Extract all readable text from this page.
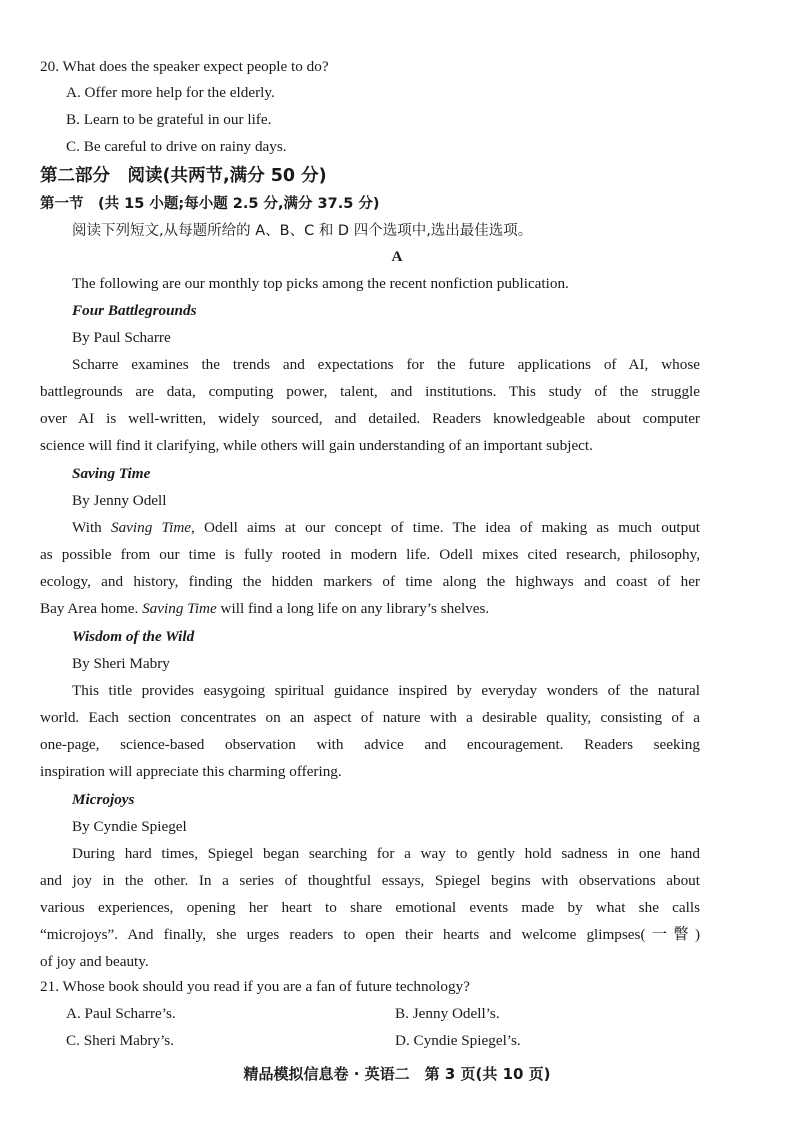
20. What does the speaker expect people to do?
A. Offer more help for the elderly.
B. Learn to be grateful in our life.
C. Be careful to drive on rainy days.
第二部分　阅读(共两节,满分 50 分)
第一节　(共 15 小题;每小题 2.5 分,满分 37.5 分)
阅读下列短文,从每题所给的 A、B、C 和 D 四个选项中,选出最佳选项。
A
The following are our monthly top picks among the recent nonfiction publication.
Four Battlegrounds
By Paul Scharre
Scharre examines the trends and expectations for the future applications of AI, whose
battlegrounds are data, computing power, talent, and institutions. This study of the struggle
over AI is well-written, widely sourced, and detailed. Readers knowledgeable about computer
science will find it clarifying, while others will gain understanding of an important subject.
Saving Time
By Jenny Odell
With Saving Time, Odell aims at our concept of time. The idea of making as much output
as possible from our time is fully rooted in modern life. Odell mixes cited research, philosophy,
ecology, and history, finding the hidden markers of time along the highways and coast of her
Bay Area home. Saving Time will find a long life on any library’s shelves.
Wisdom of the Wild
By Sheri Mabry
This title provides easygoing spiritual guidance inspired by everyday wonders of the natural
world. Each section concentrates on an aspect of nature with a desirable quality, consisting of a
one-page, science-based observation with advice and encouragement. Readers seeking
inspiration will appreciate this charming offering.
Microjoys
By Cyndie Spiegel
During hard times, Spiegel began searching for a way to gently hold sadness in one hand
and joy in the other. In a series of thoughtful essays, Spiegel begins with observations about
various experiences, opening her heart to share emotional events made by what she calls
“microjoys”. And finally, she urges readers to open their hearts and welcome glimpses(一瞥)
of joy and beauty.
21. Whose book should you read if you are a fan of future technology?
A. Paul Scharre’s.	B. Jenny Odell’s.
C. Sheri Mabry’s.	D. Cyndie Spiegel’s.
精品模拟信息卷 · 英语二　第 3 页(共 10 页)
